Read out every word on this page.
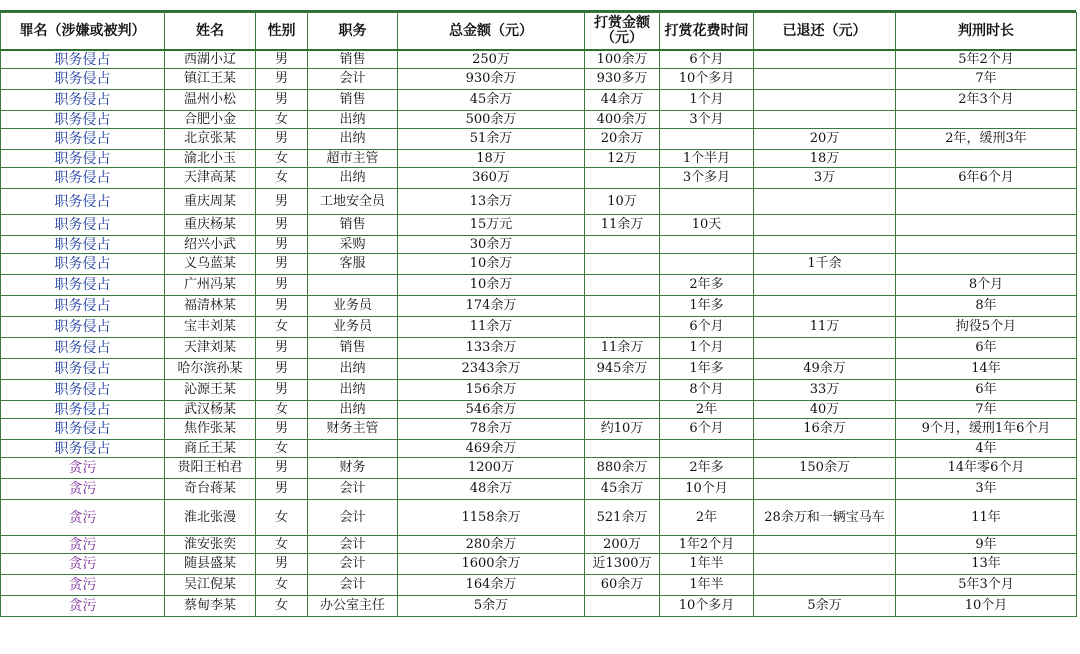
罪名（涉嫌或被判）	姓名	性别	职务	总金额（元）	打赏金额（元）	打赏花费时间	已退还（元）	判刑时长
职务侵占	西湖小辽	男	销售	250万	100余万	6个月		5年2个月
职务侵占	镇江王某	男	会计	930余万	930多万	10个多月		7年
职务侵占	温州小松	男	销售	45余万	44余万	1个月		2年3个月
职务侵占	合肥小金	女	出纳	500余万	400余万	3个月		
职务侵占	北京张某	男	出纳	51余万	20余万		20万	2年，缓刑3年
职务侵占	渝北小玉	女	超市主管	18万	12万	1个半月	18万	
职务侵占	天津高某	女	出纳	360万		3个多月	3万	6年6个月
职务侵占	重庆周某	男	工地安全员	13余万	10万			
职务侵占	重庆杨某	男	销售	15万元	11余万	10天		
职务侵占	绍兴小武	男	采购	30余万				
职务侵占	义乌蓝某	男	客服	10余万			1千余	
职务侵占	广州冯某	男		10余万		2年多		8个月
职务侵占	福清林某	男	业务员	174余万		1年多		8年
职务侵占	宝丰刘某	女	业务员	11余万		6个月	11万	拘役5个月
职务侵占	天津刘某	男	销售	133余万	11余万	1个月		6年
职务侵占	哈尔滨孙某	男	出纳	2343余万	945余万	1年多	49余万	14年
职务侵占	沁源王某	男	出纳	156余万		8个月	33万	6年
职务侵占	武汉杨某	女	出纳	546余万		2年	40万	7年
职务侵占	焦作张某	男	财务主管	78余万	约10万	6个月	16余万	9个月，缓刑1年6个月
职务侵占	商丘王某	女		469余万				4年
贪污	贵阳王柏君	男	财务	1200万	880余万	2年多	150余万	14年零6个月
贪污	奇台蒋某	男	会计	48余万	45余万	10个月		3年
贪污	淮北张漫	女	会计	1158余万	521余万	2年	28余万和一辆宝马车	11年
贪污	淮安张奕	女	会计	280余万	200万	1年2个月		9年
贪污	随县盛某	男	会计	1600余万	近1300万	1年半		13年
贪污	吴江倪某	女	会计	164余万	60余万	1年半		5年3个月
贪污	蔡甸李某	女	办公室主任	5余万		10个多月	5余万	10个月
